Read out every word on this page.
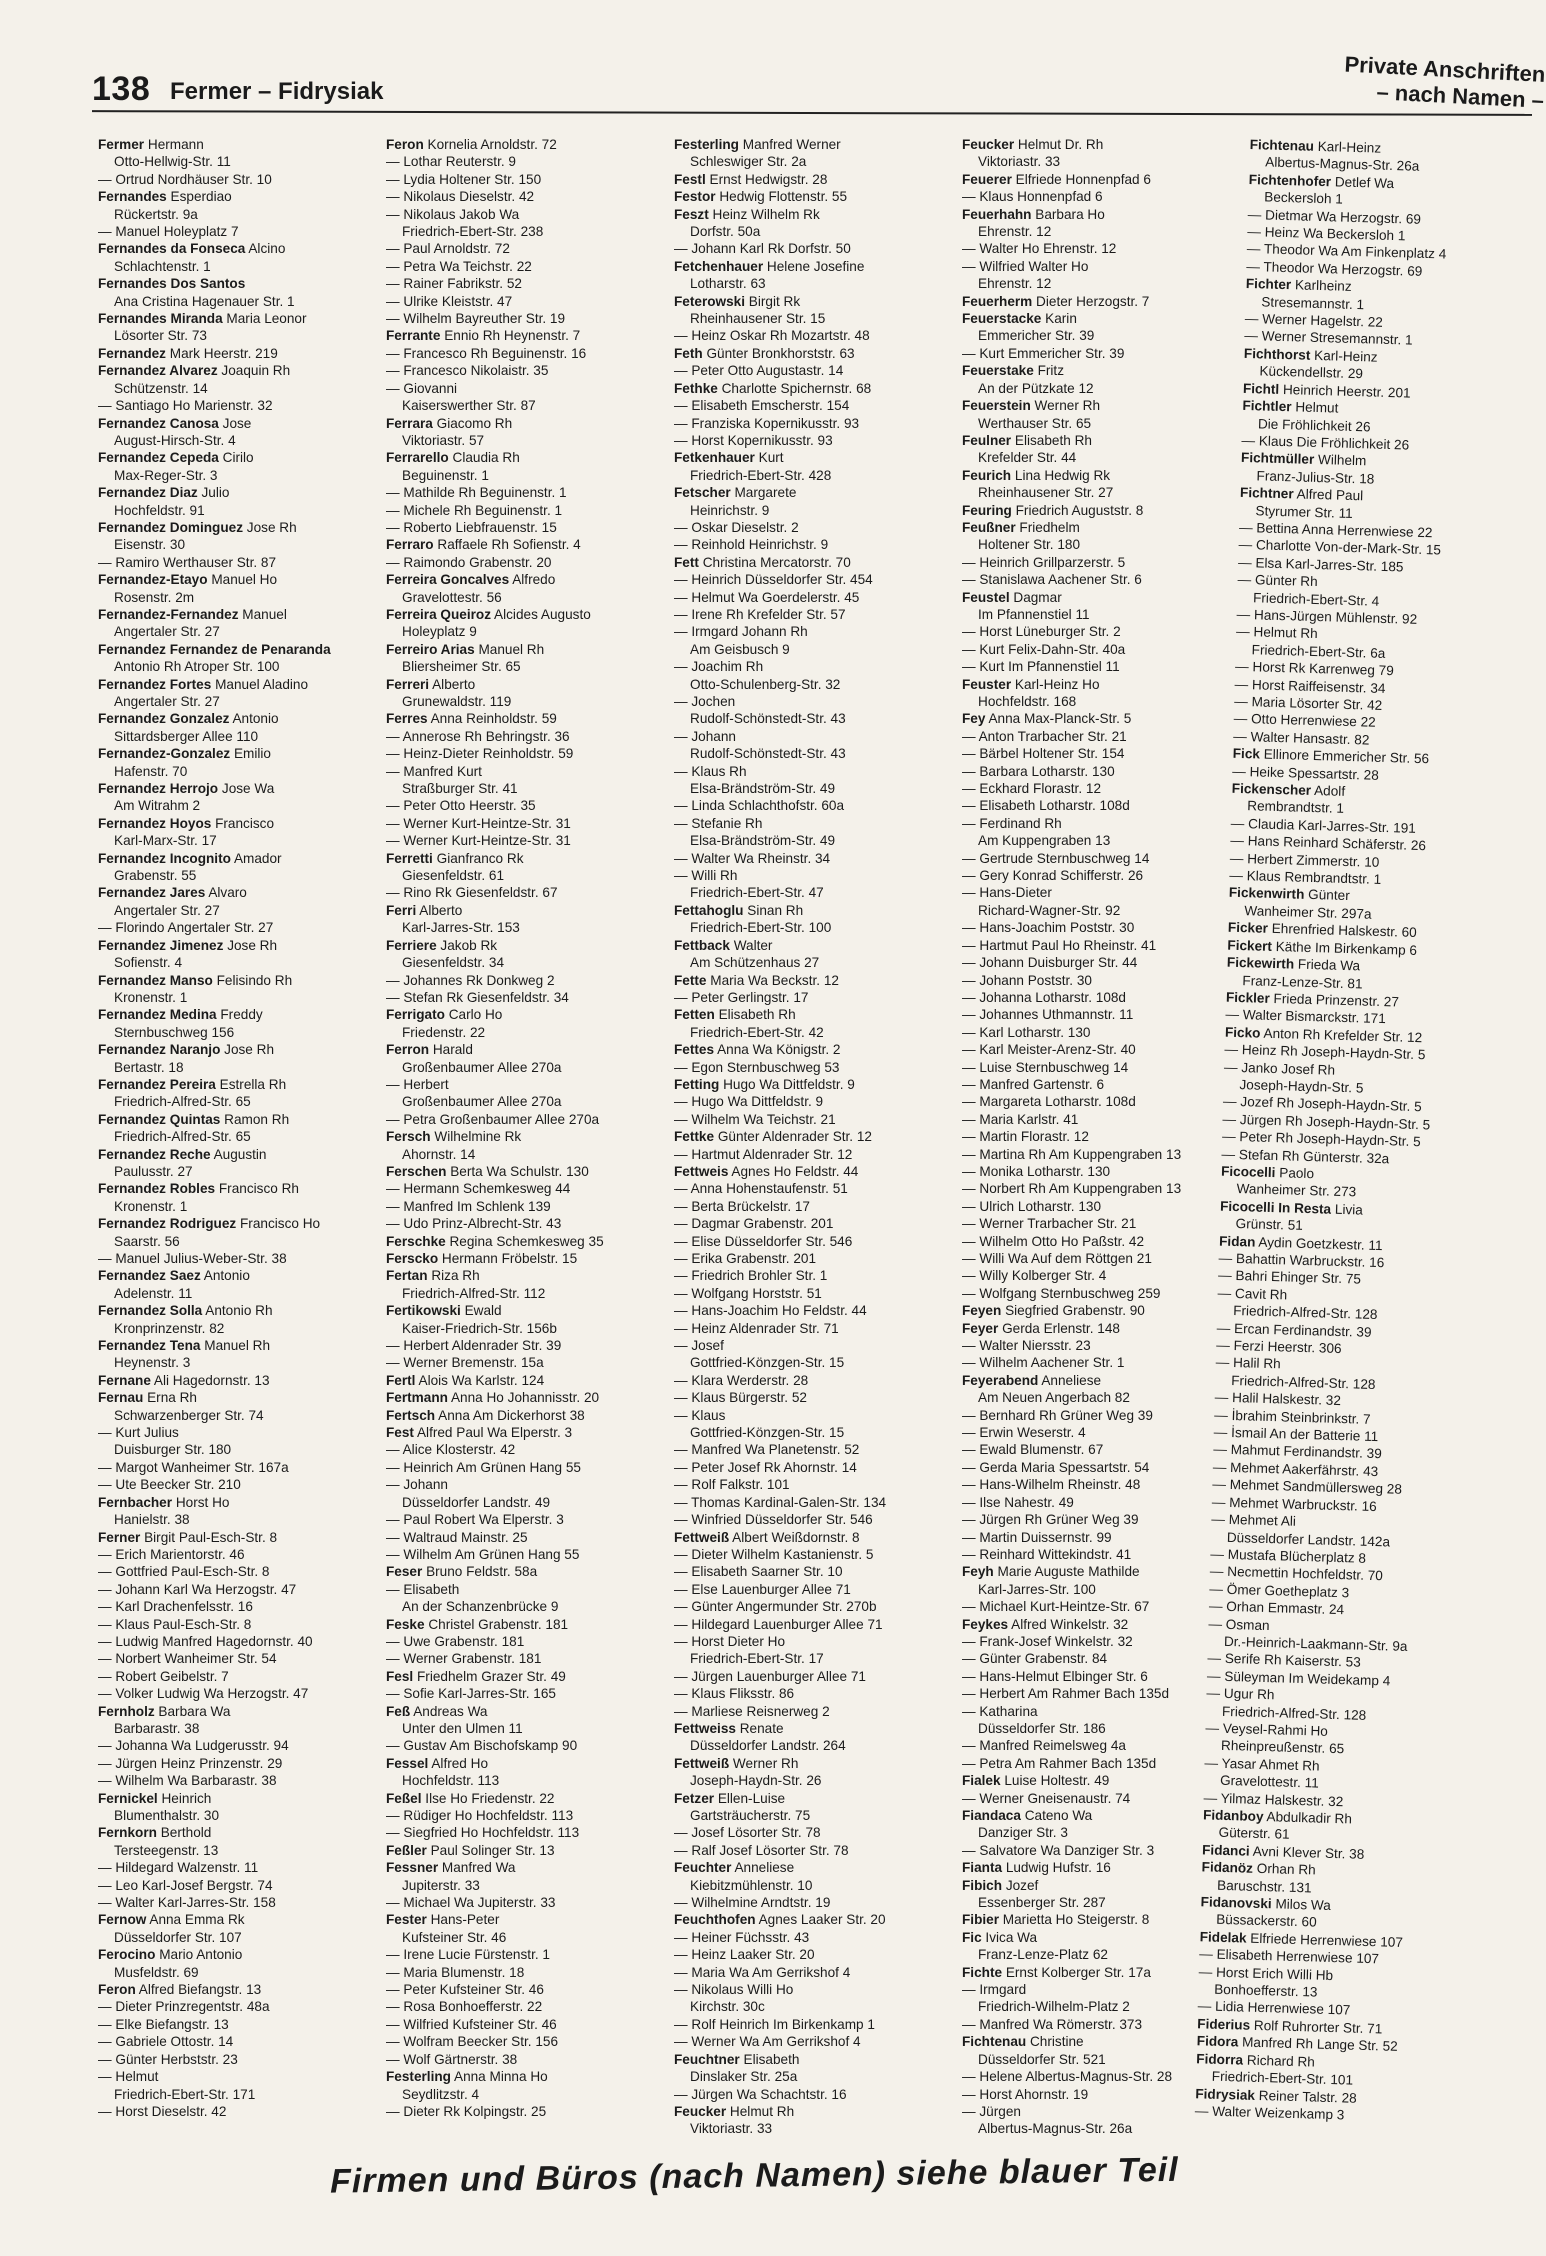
138 Fermer – Fidrysiak
Private Anschriften
– nach Namen –
Fermer Hermann
Otto-Hellwig-Str. 11
— Ortrud Nordhäuser Str. 10
Fernandes Esperdiao
Rückertstr. 9a
— Manuel Holeyplatz 7
Fernandes da Fonseca Alcino
Schlachtenstr. 1
Fernandes Dos Santos
Ana Cristina Hagenauer Str. 1
Fernandes Miranda Maria Leonor
Lösorter Str. 73
Fernandez Mark Heerstr. 219
Fernandez Alvarez Joaquin Rh
Schützenstr. 14
— Santiago Ho Marienstr. 32
Fernandez Canosa Jose
August-Hirsch-Str. 4
Fernandez Cepeda Cirilo
Max-Reger-Str. 3
Fernandez Diaz Julio
Hochfeldstr. 91
Fernandez Dominguez Jose Rh
Eisenstr. 30
— Ramiro Werthauser Str. 87
Fernandez-Etayo Manuel Ho
Rosenstr. 2m
Fernandez-Fernandez Manuel
Angertaler Str. 27
Fernandez Fernandez de Penaranda
Antonio Rh Atroper Str. 100
Fernandez Fortes Manuel Aladino
Angertaler Str. 27
Fernandez Gonzalez Antonio
Sittardsberger Allee 110
Fernandez-Gonzalez Emilio
Hafenstr. 70
Fernandez Herrojo Jose Wa
Am Witrahm 2
Fernandez Hoyos Francisco
Karl-Marx-Str. 17
Fernandez Incognito Amador
Grabenstr. 55
Fernandez Jares Alvaro
Angertaler Str. 27
— Florindo Angertaler Str. 27
Fernandez Jimenez Jose Rh
Sofienstr. 4
Fernandez Manso Felisindo Rh
Kronenstr. 1
Fernandez Medina Freddy
Sternbuschweg 156
Fernandez Naranjo Jose Rh
Bertastr. 18
Fernandez Pereira Estrella Rh
Friedrich-Alfred-Str. 65
Fernandez Quintas Ramon Rh
Friedrich-Alfred-Str. 65
Fernandez Reche Augustin
Paulusstr. 27
Fernandez Robles Francisco Rh
Kronenstr. 1
Fernandez Rodriguez Francisco Ho
Saarstr. 56
— Manuel Julius-Weber-Str. 38
Fernandez Saez Antonio
Adelenstr. 11
Fernandez Solla Antonio Rh
Kronprinzenstr. 82
Fernandez Tena Manuel Rh
Heynenstr. 3
Fernane Ali Hagedornstr. 13
Fernau Erna Rh
Schwarzenberger Str. 74
— Kurt Julius
Duisburger Str. 180
— Margot Wanheimer Str. 167a
— Ute Beecker Str. 210
Fernbacher Horst Ho
Hanielstr. 38
Ferner Birgit Paul-Esch-Str. 8
— Erich Marientorstr. 46
— Gottfried Paul-Esch-Str. 8
— Johann Karl Wa Herzogstr. 47
— Karl Drachenfelsstr. 16
— Klaus Paul-Esch-Str. 8
— Ludwig Manfred Hagedornstr. 40
— Norbert Wanheimer Str. 54
— Robert Geibelstr. 7
— Volker Ludwig Wa Herzogstr. 47
Fernholz Barbara Wa
Barbarastr. 38
— Johanna Wa Ludgerusstr. 94
— Jürgen Heinz Prinzenstr. 29
— Wilhelm Wa Barbarastr. 38
Fernickel Heinrich
Blumenthalstr. 30
Fernkorn Berthold
Tersteegenstr. 13
— Hildegard Walzenstr. 11
— Leo Karl-Josef Bergstr. 74
— Walter Karl-Jarres-Str. 158
Fernow Anna Emma Rk
Düsseldorfer Str. 107
Ferocino Mario Antonio
Musfeldstr. 69
Feron Alfred Biefangstr. 13
— Dieter Prinzregentstr. 48a
— Elke Biefangstr. 13
— Gabriele Ottostr. 14
— Günter Herbststr. 23
— Helmut
Friedrich-Ebert-Str. 171
— Horst Dieselstr. 42
Feron Kornelia Arnoldstr. 72
— Lothar Reuterstr. 9
— Lydia Holtener Str. 150
— Nikolaus Dieselstr. 42
— Nikolaus Jakob Wa
Friedrich-Ebert-Str. 238
— Paul Arnoldstr. 72
— Petra Wa Teichstr. 22
— Rainer Fabrikstr. 52
— Ulrike Kleiststr. 47
— Wilhelm Bayreuther Str. 19
Ferrante Ennio Rh Heynenstr. 7
— Francesco Rh Beguinenstr. 16
— Francesco Nikolaistr. 35
— Giovanni
Kaiserswerther Str. 87
Ferrara Giacomo Rh
Viktoriastr. 57
Ferrarello Claudia Rh
Beguinenstr. 1
— Mathilde Rh Beguinenstr. 1
— Michele Rh Beguinenstr. 1
— Roberto Liebfrauenstr. 15
Ferraro Raffaele Rh Sofienstr. 4
— Raimondo Grabenstr. 20
Ferreira Goncalves Alfredo
Gravelottestr. 56
Ferreira Queiroz Alcides Augusto
Holeyplatz 9
Ferreiro Arias Manuel Rh
Bliersheimer Str. 65
Ferreri Alberto
Grunewaldstr. 119
Ferres Anna Reinholdstr. 59
— Annerose Rh Behringstr. 36
— Heinz-Dieter Reinholdstr. 59
— Manfred Kurt
Straßburger Str. 41
— Peter Otto Heerstr. 35
— Werner Kurt-Heintze-Str. 31
— Werner Kurt-Heintze-Str. 31
Ferretti Gianfranco Rk
Giesenfeldstr. 61
— Rino Rk Giesenfeldstr. 67
Ferri Alberto
Karl-Jarres-Str. 153
Ferriere Jakob Rk
Giesenfeldstr. 34
— Johannes Rk Donkweg 2
— Stefan Rk Giesenfeldstr. 34
Ferrigato Carlo Ho
Friedenstr. 22
Ferron Harald
Großenbaumer Allee 270a
— Herbert
Großenbaumer Allee 270a
— Petra Großenbaumer Allee 270a
Fersch Wilhelmine Rk
Ahornstr. 14
Ferschen Berta Wa Schulstr. 130
— Hermann Schemkesweg 44
— Manfred Im Schlenk 139
— Udo Prinz-Albrecht-Str. 43
Ferschke Regina Schemkesweg 35
Ferscko Hermann Fröbelstr. 15
Fertan Riza Rh
Friedrich-Alfred-Str. 112
Fertikowski Ewald
Kaiser-Friedrich-Str. 156b
— Herbert Aldenrader Str. 39
— Werner Bremenstr. 15a
Fertl Alois Wa Karlstr. 124
Fertmann Anna Ho Johannisstr. 20
Fertsch Anna Am Dickerhorst 38
Fest Alfred Paul Wa Elperstr. 3
— Alice Klosterstr. 42
— Heinrich Am Grünen Hang 55
— Johann
Düsseldorfer Landstr. 49
— Paul Robert Wa Elperstr. 3
— Waltraud Mainstr. 25
— Wilhelm Am Grünen Hang 55
Feser Bruno Feldstr. 58a
— Elisabeth
An der Schanzenbrücke 9
Feske Christel Grabenstr. 181
— Uwe Grabenstr. 181
— Werner Grabenstr. 181
Fesl Friedhelm Grazer Str. 49
— Sofie Karl-Jarres-Str. 165
Feß Andreas Wa
Unter den Ulmen 11
— Gustav Am Bischofskamp 90
Fessel Alfred Ho
Hochfeldstr. 113
Feßel Ilse Ho Friedenstr. 22
— Rüdiger Ho Hochfeldstr. 113
— Siegfried Ho Hochfeldstr. 113
Feßler Paul Solinger Str. 13
Fessner Manfred Wa
Jupiterstr. 33
— Michael Wa Jupiterstr. 33
Fester Hans-Peter
Kufsteiner Str. 46
— Irene Lucie Fürstenstr. 1
— Maria Blumenstr. 18
— Peter Kufsteiner Str. 46
— Rosa Bonhoefferstr. 22
— Wilfried Kufsteiner Str. 46
— Wolfram Beecker Str. 156
— Wolf Gärtnerstr. 38
Festerling Anna Minna Ho
Seydlitzstr. 4
— Dieter Rk Kolpingstr. 25
Festerling Manfred Werner
Schleswiger Str. 2a
Festl Ernst Hedwigstr. 28
Festor Hedwig Flottenstr. 55
Feszt Heinz Wilhelm Rk
Dorfstr. 50a
— Johann Karl Rk Dorfstr. 50
Fetchenhauer Helene Josefine
Lotharstr. 63
Feterowski Birgit Rk
Rheinhausener Str. 15
— Heinz Oskar Rh Mozartstr. 48
Feth Günter Bronkhorststr. 63
— Peter Otto Augustastr. 14
Fethke Charlotte Spichernstr. 68
— Elisabeth Emscherstr. 154
— Franziska Kopernikusstr. 93
— Horst Kopernikusstr. 93
Fetkenhauer Kurt
Friedrich-Ebert-Str. 428
Fetscher Margarete
Heinrichstr. 9
— Oskar Dieselstr. 2
— Reinhold Heinrichstr. 9
Fett Christina Mercatorstr. 70
— Heinrich Düsseldorfer Str. 454
— Helmut Wa Goerdelerstr. 45
— Irene Rh Krefelder Str. 57
— Irmgard Johann Rh
Am Geisbusch 9
— Joachim Rh
Otto-Schulenberg-Str. 32
— Jochen
Rudolf-Schönstedt-Str. 43
— Johann
Rudolf-Schönstedt-Str. 43
— Klaus Rh
Elsa-Brändström-Str. 49
— Linda Schlachthofstr. 60a
— Stefanie Rh
Elsa-Brändström-Str. 49
— Walter Wa Rheinstr. 34
— Willi Rh
Friedrich-Ebert-Str. 47
Fettahoglu Sinan Rh
Friedrich-Ebert-Str. 100
Fettback Walter
Am Schützenhaus 27
Fette Maria Wa Beckstr. 12
— Peter Gerlingstr. 17
Fetten Elisabeth Rh
Friedrich-Ebert-Str. 42
Fettes Anna Wa Königstr. 2
— Egon Sternbuschweg 53
Fetting Hugo Wa Dittfeldstr. 9
— Hugo Wa Dittfeldstr. 9
— Wilhelm Wa Teichstr. 21
Fettke Günter Aldenrader Str. 12
— Hartmut Aldenrader Str. 12
Fettweis Agnes Ho Feldstr. 44
— Anna Hohenstaufenstr. 51
— Berta Brückelstr. 17
— Dagmar Grabenstr. 201
— Elise Düsseldorfer Str. 546
— Erika Grabenstr. 201
— Friedrich Brohler Str. 1
— Wolfgang Horststr. 51
— Hans-Joachim Ho Feldstr. 44
— Heinz Aldenrader Str. 71
— Josef
Gottfried-Könzgen-Str. 15
— Klara Werderstr. 28
— Klaus Bürgerstr. 52
— Klaus
Gottfried-Könzgen-Str. 15
— Manfred Wa Planetenstr. 52
— Peter Josef Rk Ahornstr. 14
— Rolf Falkstr. 101
— Thomas Kardinal-Galen-Str. 134
— Winfried Düsseldorfer Str. 546
Fettweiß Albert Weißdornstr. 8
— Dieter Wilhelm Kastanienstr. 5
— Elisabeth Saarner Str. 10
— Else Lauenburger Allee 71
— Günter Angermunder Str. 270b
— Hildegard Lauenburger Allee 71
— Horst Dieter Ho
Friedrich-Ebert-Str. 17
— Jürgen Lauenburger Allee 71
— Klaus Fliksstr. 86
— Marliese Reisnerweg 2
Fettweiss Renate
Düsseldorfer Landstr. 264
Fettweiß Werner Rh
Joseph-Haydn-Str. 26
Fetzer Ellen-Luise
Gartsträucherstr. 75
— Josef Lösorter Str. 78
— Ralf Josef Lösorter Str. 78
Feuchter Anneliese
Kiebitzmühlenstr. 10
— Wilhelmine Arndtstr. 19
Feuchthofen Agnes Laaker Str. 20
— Heiner Füchsstr. 43
— Heinz Laaker Str. 20
— Maria Wa Am Gerrikshof 4
— Nikolaus Willi Ho
Kirchstr. 30c
— Rolf Heinrich Im Birkenkamp 1
— Werner Wa Am Gerrikshof 4
Feuchtner Elisabeth
Dinslaker Str. 25a
— Jürgen Wa Schachtstr. 16
Feucker Helmut Rh
Viktoriastr. 33
Feucker Helmut Dr. Rh
Viktoriastr. 33
Feuerer Elfriede Honnenpfad 6
— Klaus Honnenpfad 6
Feuerhahn Barbara Ho
Ehrenstr. 12
— Walter Ho Ehrenstr. 12
— Wilfried Walter Ho
Ehrenstr. 12
Feuerherm Dieter Herzogstr. 7
Feuerstacke Karin
Emmericher Str. 39
— Kurt Emmericher Str. 39
Feuerstake Fritz
An der Pützkate 12
Feuerstein Werner Rh
Werthauser Str. 65
Feulner Elisabeth Rh
Krefelder Str. 44
Feurich Lina Hedwig Rk
Rheinhausener Str. 27
Feuring Friedrich Auguststr. 8
Feußner Friedhelm
Holtener Str. 180
— Heinrich Grillparzerstr. 5
— Stanislawa Aachener Str. 6
Feustel Dagmar
Im Pfannenstiel 11
— Horst Lüneburger Str. 2
— Kurt Felix-Dahn-Str. 40a
— Kurt Im Pfannenstiel 11
Feuster Karl-Heinz Ho
Hochfeldstr. 168
Fey Anna Max-Planck-Str. 5
— Anton Trarbacher Str. 21
— Bärbel Holtener Str. 154
— Barbara Lotharstr. 130
— Eckhard Florastr. 12
— Elisabeth Lotharstr. 108d
— Ferdinand Rh
Am Kuppengraben 13
— Gertrude Sternbuschweg 14
— Gery Konrad Schifferstr. 26
— Hans-Dieter
Richard-Wagner-Str. 92
— Hans-Joachim Poststr. 30
— Hartmut Paul Ho Rheinstr. 41
— Johann Duisburger Str. 44
— Johann Poststr. 30
— Johanna Lotharstr. 108d
— Johannes Uthmannstr. 11
— Karl Lotharstr. 130
— Karl Meister-Arenz-Str. 40
— Luise Sternbuschweg 14
— Manfred Gartenstr. 6
— Margareta Lotharstr. 108d
— Maria Karlstr. 41
— Martin Florastr. 12
— Martina Rh Am Kuppengraben 13
— Monika Lotharstr. 130
— Norbert Rh Am Kuppengraben 13
— Ulrich Lotharstr. 130
— Werner Trarbacher Str. 21
— Wilhelm Otto Ho Paßstr. 42
— Willi Wa Auf dem Röttgen 21
— Willy Kolberger Str. 4
— Wolfgang Sternbuschweg 259
Feyen Siegfried Grabenstr. 90
Feyer Gerda Erlenstr. 148
— Walter Niersstr. 23
— Wilhelm Aachener Str. 1
Feyerabend Anneliese
Am Neuen Angerbach 82
— Bernhard Rh Grüner Weg 39
— Erwin Weserstr. 4
— Ewald Blumenstr. 67
— Gerda Maria Spessartstr. 54
— Hans-Wilhelm Rheinstr. 48
— Ilse Nahestr. 49
— Jürgen Rh Grüner Weg 39
— Martin Duissernstr. 99
— Reinhard Wittekindstr. 41
Feyh Marie Auguste Mathilde
Karl-Jarres-Str. 100
— Michael Kurt-Heintze-Str. 67
Feykes Alfred Winkelstr. 32
— Frank-Josef Winkelstr. 32
— Günter Grabenstr. 84
— Hans-Helmut Elbinger Str. 6
— Herbert Am Rahmer Bach 135d
— Katharina
Düsseldorfer Str. 186
— Manfred Reimelsweg 4a
— Petra Am Rahmer Bach 135d
Fialek Luise Holtestr. 49
— Werner Gneisenaustr. 74
Fiandaca Cateno Wa
Danziger Str. 3
— Salvatore Wa Danziger Str. 3
Fianta Ludwig Hufstr. 16
Fibich Jozef
Essenberger Str. 287
Fibier Marietta Ho Steigerstr. 8
Fic Ivica Wa
Franz-Lenze-Platz 62
Fichte Ernst Kolberger Str. 17a
— Irmgard
Friedrich-Wilhelm-Platz 2
— Manfred Wa Römerstr. 373
Fichtenau Christine
Düsseldorfer Str. 521
— Helene Albertus-Magnus-Str. 28
— Horst Ahornstr. 19
— Jürgen
Albertus-Magnus-Str. 26a
Fichtenau Karl-Heinz
Albertus-Magnus-Str. 26a
Fichtenhofer Detlef Wa
Beckersloh 1
— Dietmar Wa Herzogstr. 69
— Heinz Wa Beckersloh 1
— Theodor Wa Am Finkenplatz 4
— Theodor Wa Herzogstr. 69
Fichter Karlheinz
Stresemannstr. 1
— Werner Hagelstr. 22
— Werner Stresemannstr. 1
Fichthorst Karl-Heinz
Kückendellstr. 29
Fichtl Heinrich Heerstr. 201
Fichtler Helmut
Die Fröhlichkeit 26
— Klaus Die Fröhlichkeit 26
Fichtmüller Wilhelm
Franz-Julius-Str. 18
Fichtner Alfred Paul
Styrumer Str. 11
— Bettina Anna Herrenwiese 22
— Charlotte Von-der-Mark-Str. 15
— Elsa Karl-Jarres-Str. 185
— Günter Rh
Friedrich-Ebert-Str. 4
— Hans-Jürgen Mühlenstr. 92
— Helmut Rh
Friedrich-Ebert-Str. 6a
— Horst Rk Karrenweg 79
— Horst Raiffeisenstr. 34
— Maria Lösorter Str. 42
— Otto Herrenwiese 22
— Walter Hansastr. 82
Fick Ellinore Emmericher Str. 56
— Heike Spessartstr. 28
Fickenscher Adolf
Rembrandtstr. 1
— Claudia Karl-Jarres-Str. 191
— Hans Reinhard Schäferstr. 26
— Herbert Zimmerstr. 10
— Klaus Rembrandtstr. 1
Fickenwirth Günter
Wanheimer Str. 297a
Ficker Ehrenfried Halskestr. 60
Fickert Käthe Im Birkenkamp 6
Fickewirth Frieda Wa
Franz-Lenze-Str. 81
Fickler Frieda Prinzenstr. 27
— Walter Bismarckstr. 171
Ficko Anton Rh Krefelder Str. 12
— Heinz Rh Joseph-Haydn-Str. 5
— Janko Josef Rh
Joseph-Haydn-Str. 5
— Jozef Rh Joseph-Haydn-Str. 5
— Jürgen Rh Joseph-Haydn-Str. 5
— Peter Rh Joseph-Haydn-Str. 5
— Stefan Rh Günterstr. 32a
Ficocelli Paolo
Wanheimer Str. 273
Ficocelli In Resta Livia
Grünstr. 51
Fidan Aydin Goetzkestr. 11
— Bahattin Warbruckstr. 16
— Bahri Ehinger Str. 75
— Cavit Rh
Friedrich-Alfred-Str. 128
— Ercan Ferdinandstr. 39
— Ferzi Heerstr. 306
— Halil Rh
Friedrich-Alfred-Str. 128
— Halil Halskestr. 32
— İbrahim Steinbrinkstr. 7
— İsmail An der Batterie 11
— Mahmut Ferdinandstr. 39
— Mehmet Aakerfährstr. 43
— Mehmet Sandmüllersweg 28
— Mehmet Warbruckstr. 16
— Mehmet Ali
Düsseldorfer Landstr. 142a
— Mustafa Blücherplatz 8
— Necmettin Hochfeldstr. 70
— Ömer Goetheplatz 3
— Orhan Emmastr. 24
— Osman
Dr.-Heinrich-Laakmann-Str. 9a
— Serife Rh Kaiserstr. 53
— Süleyman Im Weidekamp 4
— Ugur Rh
Friedrich-Alfred-Str. 128
— Veysel-Rahmi Ho
Rheinpreußenstr. 65
— Yasar Ahmet Rh
Gravelottestr. 11
— Yilmaz Halskestr. 32
Fidanboy Abdulkadir Rh
Güterstr. 61
Fidanci Avni Klever Str. 38
Fidanöz Orhan Rh
Baruschstr. 131
Fidanovski Milos Wa
Büssackerstr. 60
Fidelak Elfriede Herrenwiese 107
— Elisabeth Herrenwiese 107
— Horst Erich Willi Hb
Bonhoefferstr. 13
— Lidia Herrenwiese 107
Fiderius Rolf Ruhrorter Str. 71
Fidora Manfred Rh Lange Str. 52
Fidorra Richard Rh
Friedrich-Ebert-Str. 101
Fidrysiak Reiner Talstr. 28
— Walter Weizenkamp 3
Firmen und Büros (nach Namen) siehe blauer Teil
